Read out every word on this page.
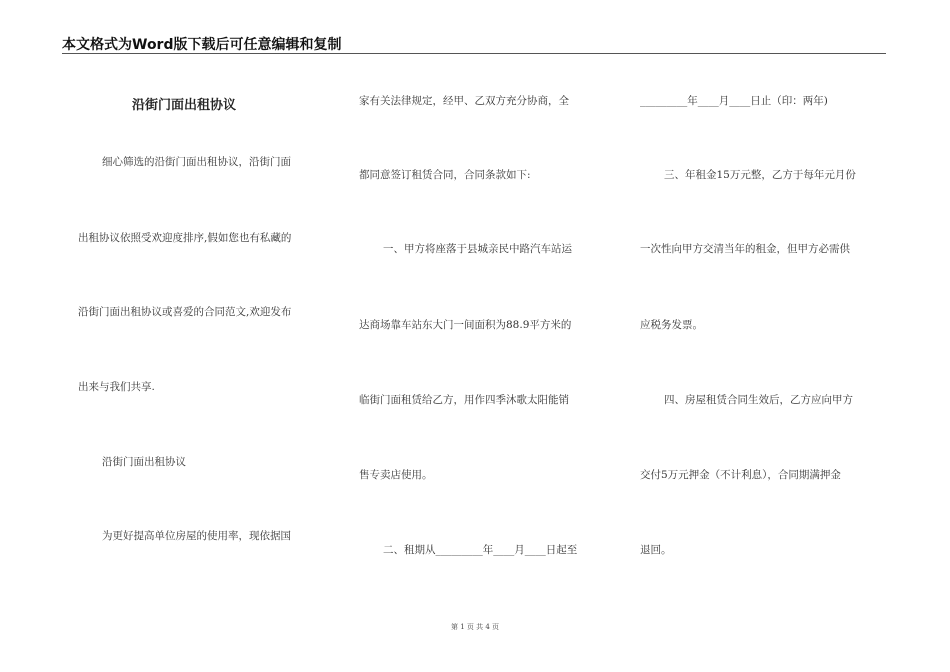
本文格式为Word版下载后可任意编辑和复制
沿街门面出租协议
细心筛选的沿街门面出租协议，沿街门面
出租协议依照受欢迎度排序,假如您也有私藏的
沿街门面出租协议或喜爱的合同范文,欢迎发布
出来与我们共享.
沿街门面出租协议
为更好提高单位房屋的使用率，现依据国
家有关法律规定，经甲、乙双方充分协商，全
都同意签订租赁合同，合同条款如下:
一、甲方将座落于县城亲民中路汽车站运
达商场靠车站东大门一间面积为88.9平方米的
临街门面租赁给乙方，用作四季沐歌太阳能销
售专卖店使用。
二、租期从_________年____月____日起至
_________年____月____日止（印：两年)
三、年租金15万元整，乙方于每年元月份
一次性向甲方交清当年的租金，但甲方必需供
应税务发票。
四、房屋租赁合同生效后，乙方应向甲方
交付5万元押金（不计利息），合同期满押金
退回。
第 1 页 共 4 页
